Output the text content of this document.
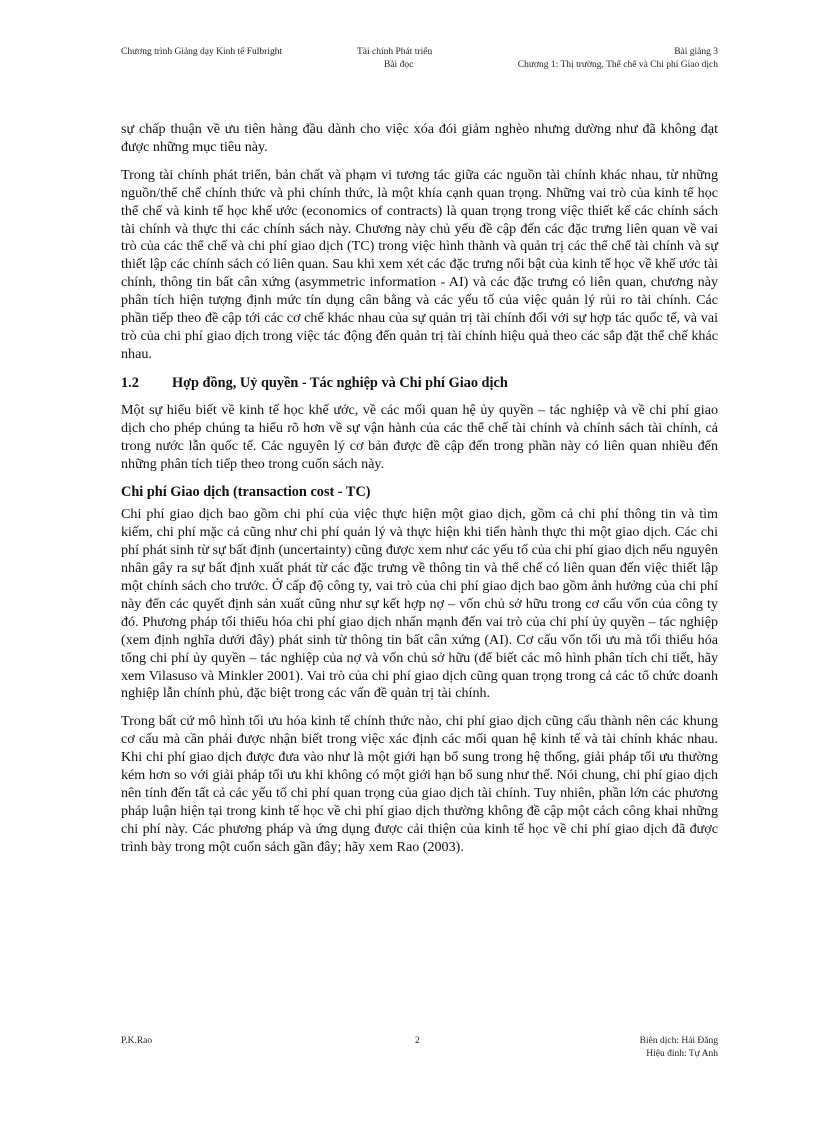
Chương trình Giảng dạy Kinh tế Fulbright	Tài chính Phát triển
Bài đọc
Bài giảng 3
Chương 1: Thị trường, Thể chế và Chi phí Giao dịch

sự chấp thuận về ưu tiên hàng đầu dành cho việc xóa đói giảm nghèo nhưng dường như đã không đạt được những mục tiêu này.

Trong tài chính phát triển, bản chất và phạm vi tương tác giữa các nguồn tài chính khác nhau, từ những nguồn/thể chế chính thức và phi chính thức, là một khía cạnh quan trọng. Những vai trò của kinh tế học thể chế và kinh tế học khế ước (economics of contracts) là quan trọng trong việc thiết kế các chính sách tài chính và thực thi các chính sách này. Chương này chủ yếu đề cập đến các đặc trưng liên quan về vai trò của các thể chế và chi phí giao dịch (TC) trong việc hình thành và quản trị các thể chế tài chính và sự thiết lập các chính sách có liên quan. Sau khi xem xét các đặc trưng nổi bật của kinh tế học về khế ước tài chính, thông tin bất cân xứng (asymmetric information - AI) và các đặc trưng có liên quan, chương này phân tích hiện tượng định mức tín dụng cân bằng và các yếu tố của việc quản lý rủi ro tài chính. Các phần tiếp theo đề cập tới các cơ chế khác nhau của sự quản trị tài chính đối với sự hợp tác quốc tế, và vai trò của chi phí giao dịch trong việc tác động đến quản trị tài chính hiệu quả theo các sắp đặt thể chế khác nhau.

1.2	Hợp đồng, Uỷ quyền - Tác nghiệp và Chi phí Giao dịch

Một sự hiểu biết về kinh tế học khế ước, về các mối quan hệ ủy quyền – tác nghiệp và về chi phí giao dịch cho phép chúng ta hiểu rõ hơn về sự vận hành của các thể chế tài chính và chính sách tài chính, cả trong nước lẫn quốc tế. Các nguyên lý cơ bản được đề cập đến trong phần này có liên quan nhiều đến những phân tích tiếp theo trong cuốn sách này.

Chi phí Giao dịch (transaction cost - TC)

Chi phí giao dịch bao gồm chi phí của việc thực hiện một giao dịch, gồm cả chi phí thông tin và tìm kiếm, chi phí mặc cả cũng như chi phí quản lý và thực hiện khi tiến hành thực thi một giao dịch. Các chi phí phát sinh từ sự bất định (uncertainty) cũng được xem như các yếu tố của chi phí giao dịch nếu nguyên nhân gây ra sự bất định xuất phát từ các đặc trưng về thông tin và thể chế có liên quan đến việc thiết lập một chính sách cho trước. Ở cấp độ công ty, vai trò của chi phí giao dịch bao gồm ảnh hưởng của chi phí này đến các quyết định sản xuất cũng như sự kết hợp nợ – vốn chủ sở hữu trong cơ cấu vốn của công ty đó. Phương pháp tối thiểu hóa chi phí giao dịch nhấn mạnh đến vai trò của chi phí ủy quyền – tác nghiệp (xem định nghĩa dưới đây) phát sinh từ thông tin bất cân xứng (AI). Cơ cấu vốn tối ưu mà tối thiểu hóa tổng chi phí ủy quyền – tác nghiệp của nợ và vốn chủ sở hữu (để biết các mô hình phân tích chi tiết, hãy xem Vilasuso và Minkler 2001). Vai trò của chi phí giao dịch cũng quan trọng trong cả các tổ chức doanh nghiệp lẫn chính phủ, đặc biệt trong các vấn đề quản trị tài chính.

Trong bất cứ mô hình tối ưu hóa kinh tế chính thức nào, chi phí giao dịch cũng cấu thành nên các khung cơ cấu mà cần phải được nhận biết trong việc xác định các mối quan hệ kinh tế và tài chính khác nhau. Khi chi phí giao dịch được đưa vào như là một giới hạn bổ sung trong hệ thống, giải pháp tối ưu thường kém hơn so với giải pháp tối ưu khi không có một giới hạn bổ sung như thế. Nói chung, chi phí giao dịch nên tính đến tất cả các yếu tố chi phí quan trọng của giao dịch tài chính. Tuy nhiên, phần lớn các phương pháp luận hiện tại trong kinh tế học về chi phí giao dịch thường không đề cập một cách công khai những chi phí này. Các phương pháp và ứng dụng được cải thiện của kinh tế học về chi phí giao dịch đã được trình bày trong một cuốn sách gần đây; hãy xem Rao (2003).

P.K.Rao	2	Biên dịch: Hải Đăng
Hiệu đính: Tự Anh
